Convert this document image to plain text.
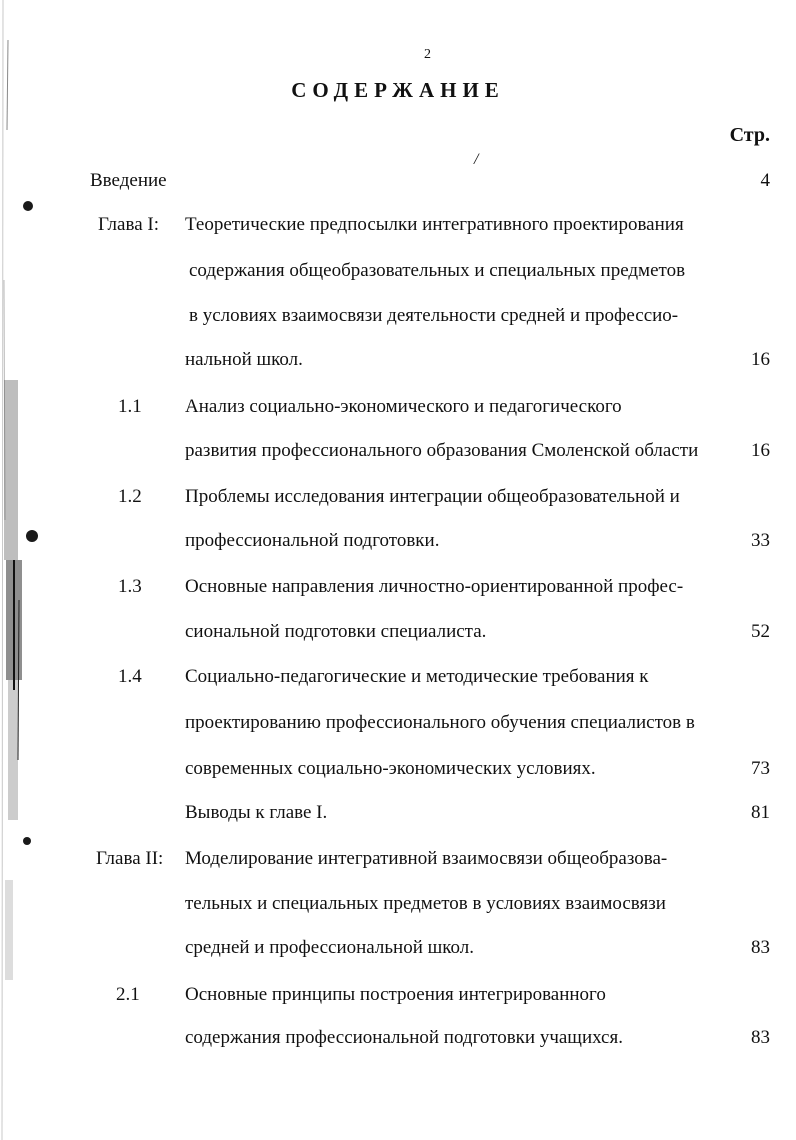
2
СОДЕРЖАНИЕ
Стр.
/
Введение	4
Глава I: Теоретические предпосылки интегративного проектирования
содержания общеобразовательных и специальных предметов
в условиях взаимосвязи деятельности средней и профессио-
нальной школ.	16
1.1 Анализ социально-экономического и педагогического
развития профессионального образования Смоленской области	16
1.2 Проблемы исследования интеграции общеобразовательной и
профессиональной подготовки.	33
1.3 Основные направления личностно-ориентированной профес-
сиональной подготовки специалиста.	52
1.4 Социально-педагогические и методические требования к
проектированию профессионального обучения специалистов в
современных социально-экономических условиях.	73
Выводы к главе I.	81
Глава II: Моделирование интегративной взаимосвязи общеобразова-
тельных и специальных предметов в условиях взаимосвязи
средней и профессиональной школ.	83
2.1 Основные принципы построения интегрированного
содержания профессиональной подготовки учащихся.	83
